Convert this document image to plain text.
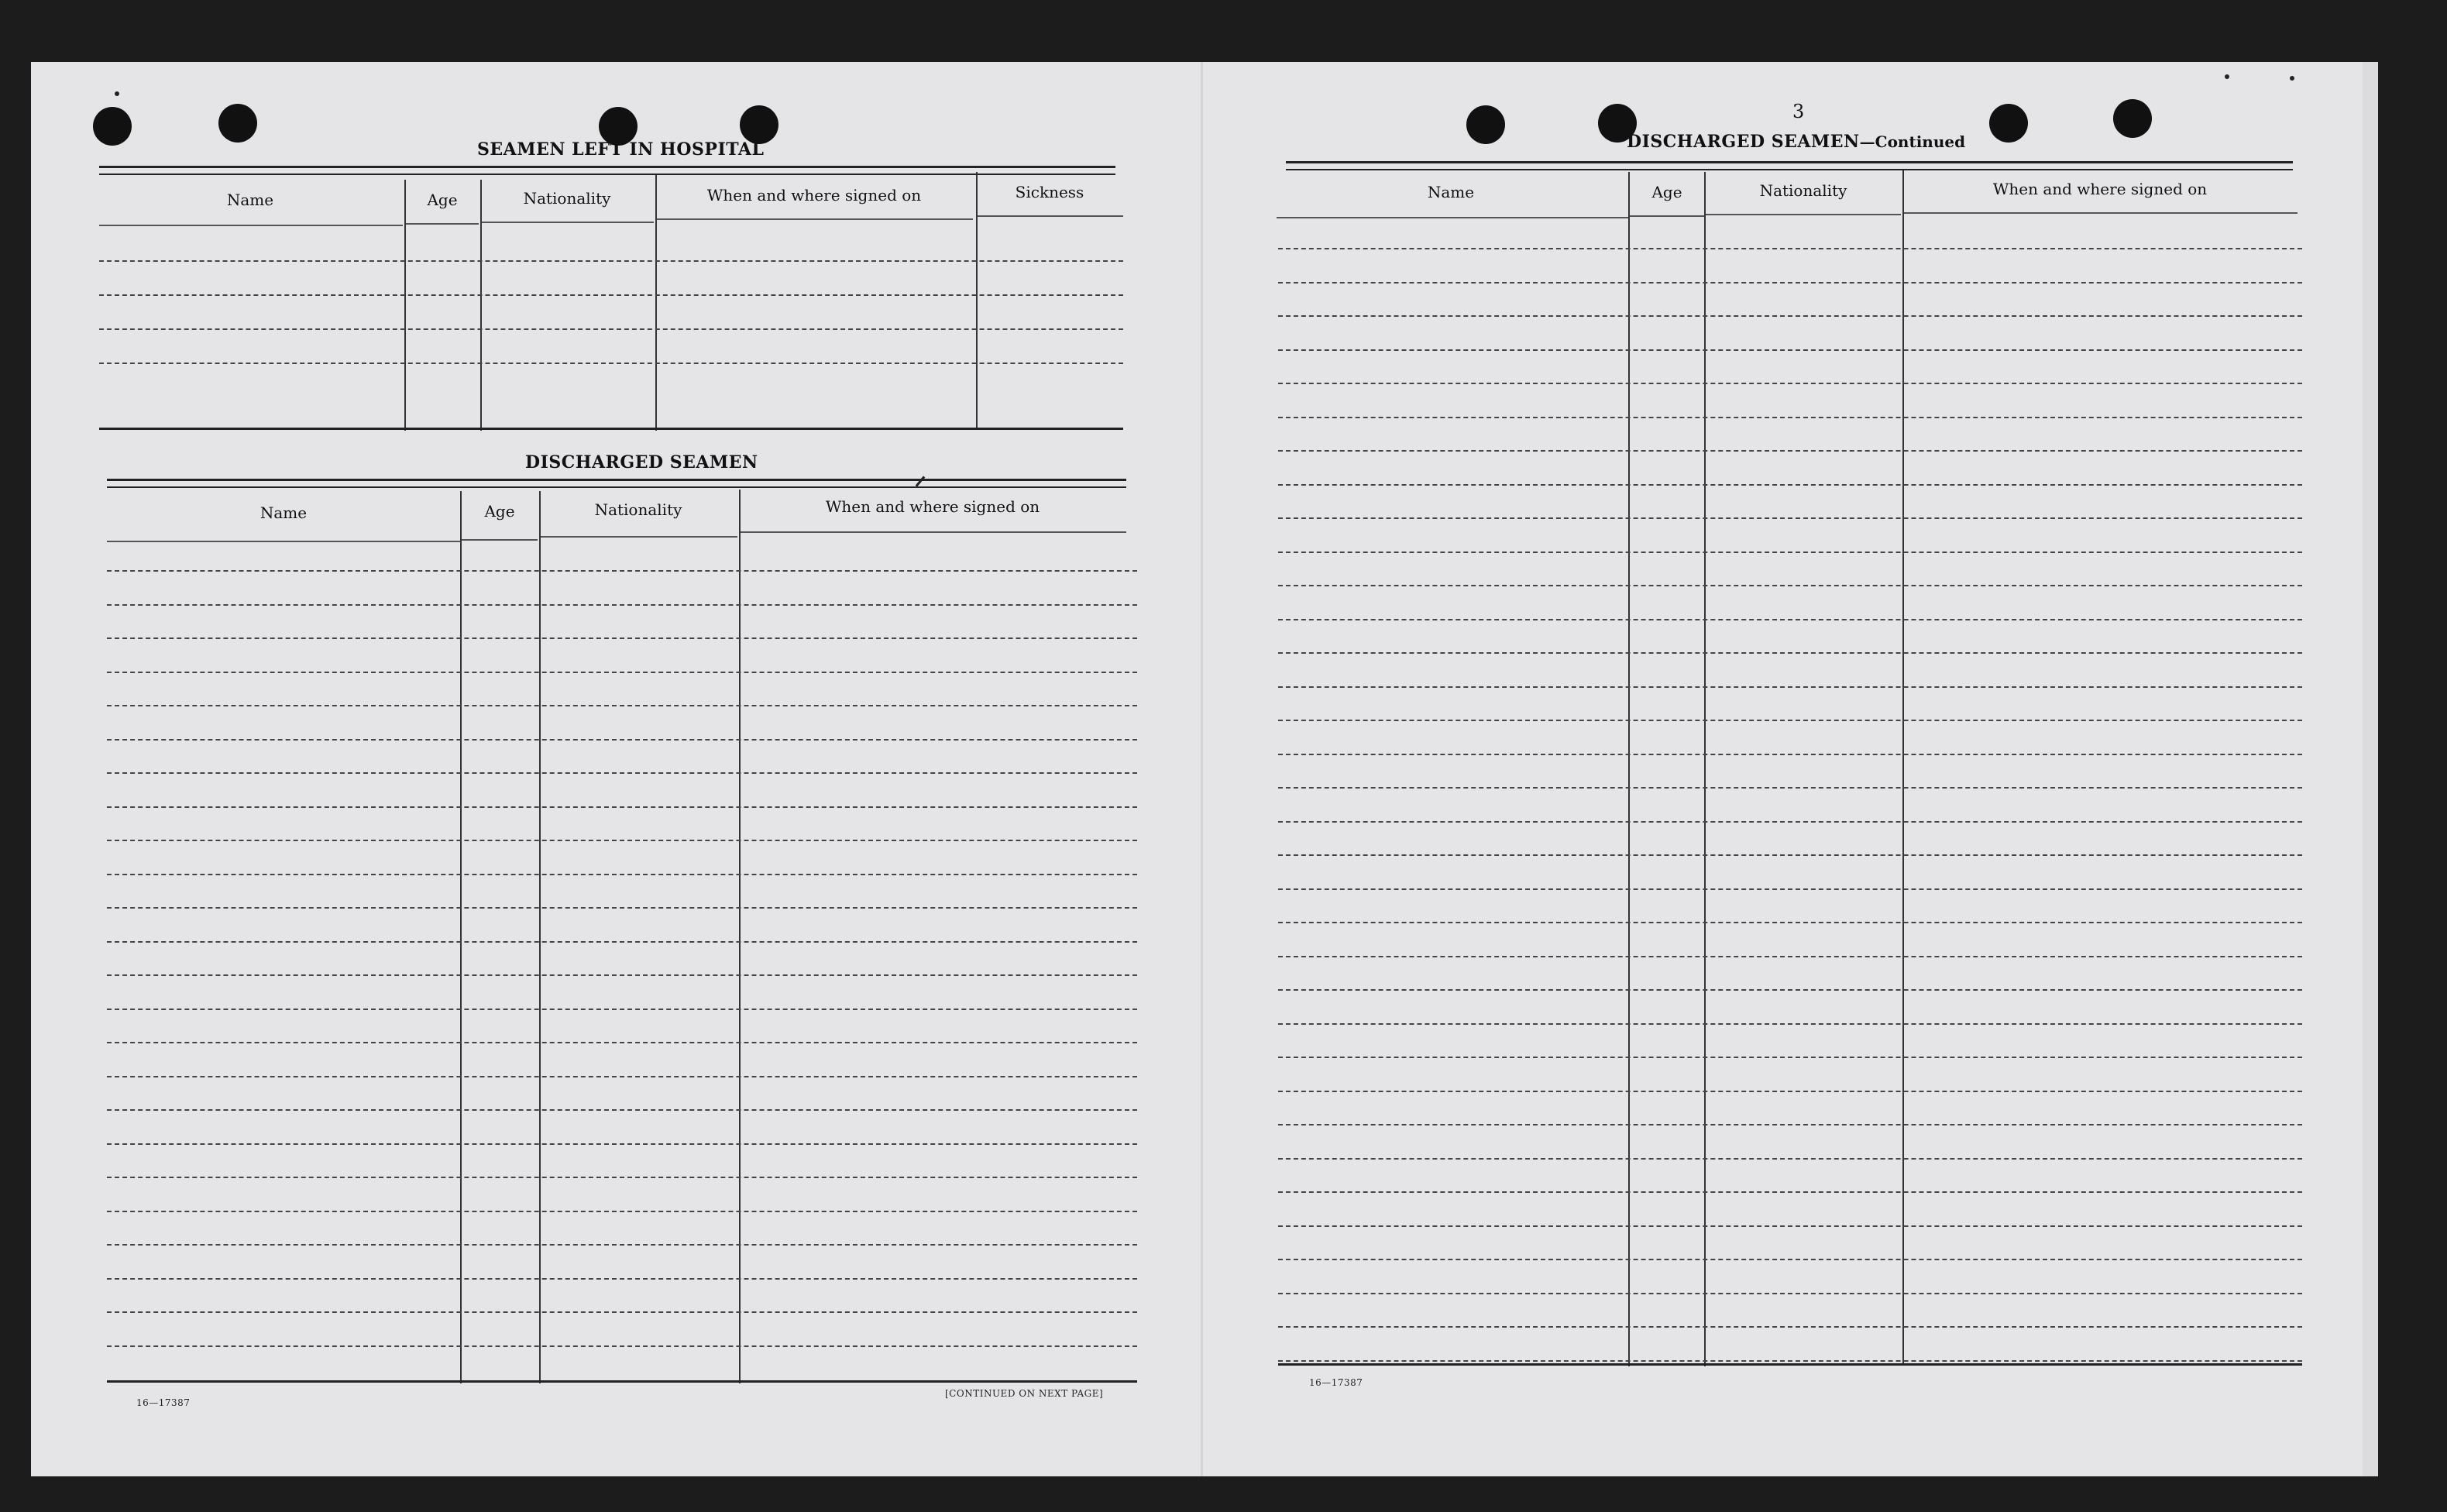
SEAMEN LEFT IN HOSPITAL
Name	Age	Nationality	When and where signed on	Sickness
DISCHARGED SEAMEN
Name	Age	Nationality	When and where signed on
16—17387
[CONTINUED ON NEXT PAGE]
3
DISCHARGED SEAMEN—Continued
Name	Age	Nationality	When and where signed on
16—17387
